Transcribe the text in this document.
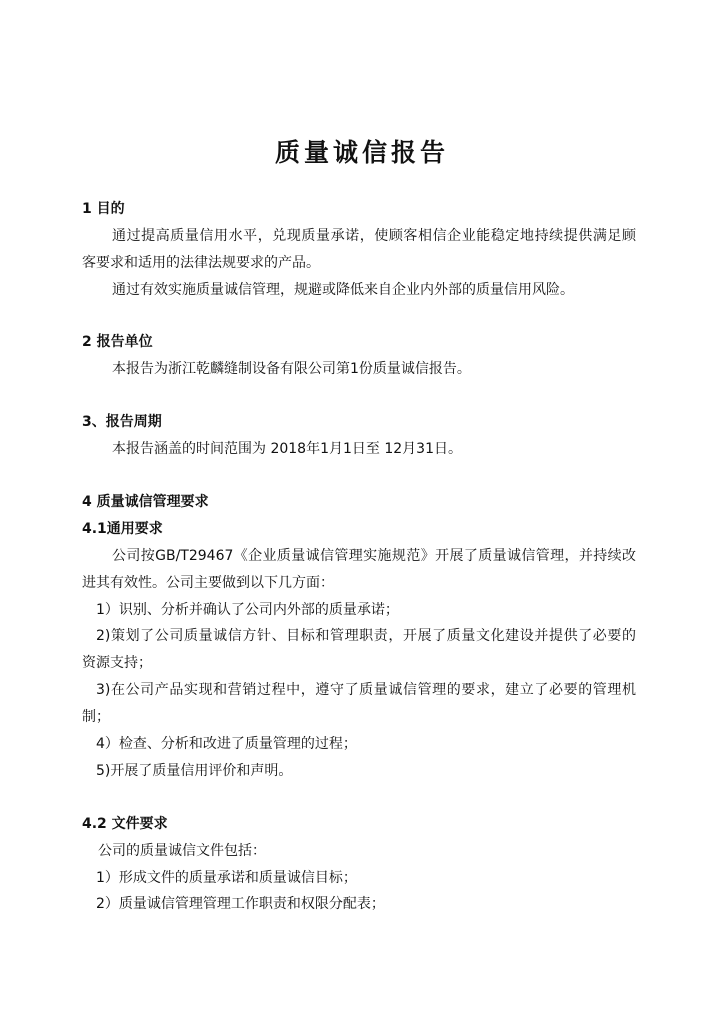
质量诚信报告
1 目的
通过提高质量信用水平，兑现质量承诺，使顾客相信企业能稳定地持续提供满足顾
客要求和适用的法律法规要求的产品。
通过有效实施质量诚信管理，规避或降低来自企业内外部的质量信用风险。
2 报告单位
本报告为浙江乾麟缝制设备有限公司第1份质量诚信报告。
3、报告周期
本报告涵盖的时间范围为 2018年1月1日至 12月31日。
4 质量诚信管理要求
4.1通用要求
公司按GB/T29467《企业质量诚信管理实施规范》开展了质量诚信管理，并持续改
进其有效性。公司主要做到以下几方面：
1）识别、分析并确认了公司内外部的质量承诺；
2)策划了公司质量诚信方针、目标和管理职责，开展了质量文化建设并提供了必要的
资源支持；
3)在公司产品实现和营销过程中，遵守了质量诚信管理的要求，建立了必要的管理机
制；
4）检查、分析和改进了质量管理的过程；
5)开展了质量信用评价和声明。
4.2 文件要求
公司的质量诚信文件包括：
1）形成文件的质量承诺和质量诚信目标；
2）质量诚信管理管理工作职责和权限分配表；
